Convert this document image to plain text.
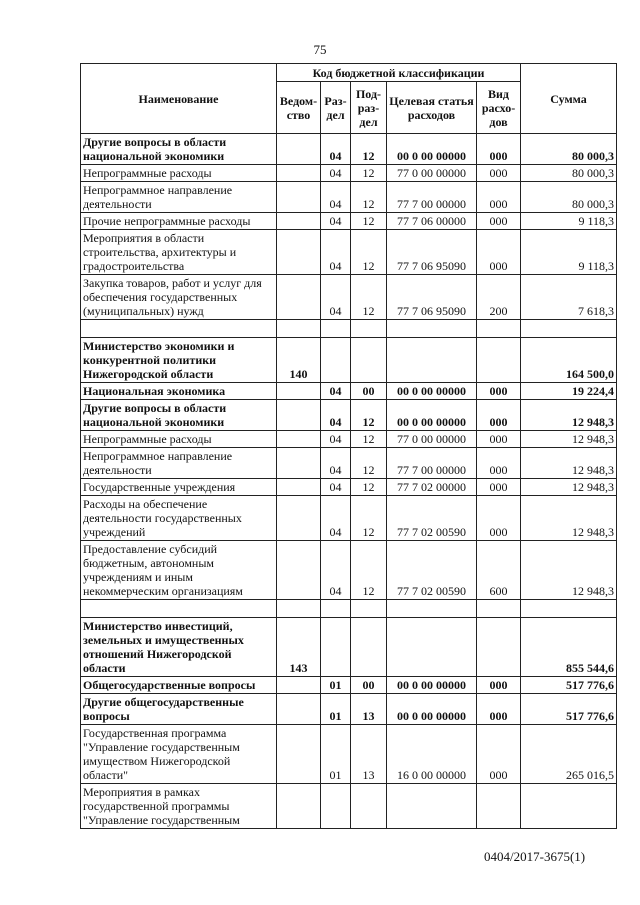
75
Наименование	Код бюджетной классификации					Сумма
	Ведом-ство	Раз-дел	Под-раз-дел	Целевая статья расходов	Вид расхо-дов	
Другие вопросы в области национальной экономики		04	12	00 0 00 00000	000	80 000,3
Непрограммные расходы		04	12	77 0 00 00000	000	80 000,3
Непрограммное направление деятельности		04	12	77 7 00 00000	000	80 000,3
Прочие непрограммные расходы		04	12	77 7 06 00000	000	9 118,3
Мероприятия в области строительства, архитектуры и градостроительства		04	12	77 7 06 95090	000	9 118,3
Закупка товаров, работ и услуг для обеспечения государственных (муниципальных) нужд		04	12	77 7 06 95090	200	7 618,3

Министерство экономики и конкурентной политики Нижегородской области	140					164 500,0
Национальная экономика		04	00	00 0 00 00000	000	19 224,4
Другие вопросы в области национальной экономики		04	12	00 0 00 00000	000	12 948,3
Непрограммные расходы		04	12	77 0 00 00000	000	12 948,3
Непрограммное направление деятельности		04	12	77 7 00 00000	000	12 948,3
Государственные учреждения		04	12	77 7 02 00000	000	12 948,3
Расходы на обеспечение деятельности государственных учреждений		04	12	77 7 02 00590	000	12 948,3
Предоставление субсидий бюджетным, автономным учреждениям и иным некоммерческим организациям		04	12	77 7 02 00590	600	12 948,3

Министерство инвестиций, земельных и имущественных отношений Нижегородской области	143					855 544,6
Общегосударственные вопросы		01	00	00 0 00 00000	000	517 776,6
Другие общегосударственные вопросы		01	13	00 0 00 00000	000	517 776,6
Государственная программа "Управление государственным имуществом Нижегородской области"		01	13	16 0 00 00000	000	265 016,5
Мероприятия в рамках государственной программы "Управление государственным						
0404/2017-3675(1)
